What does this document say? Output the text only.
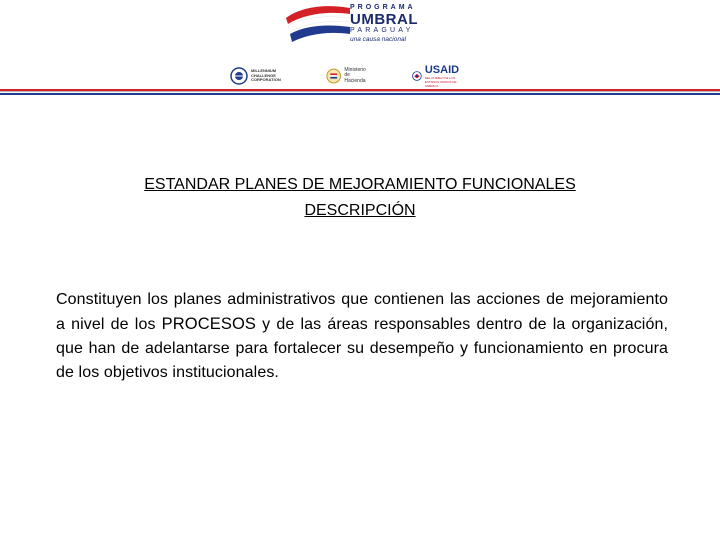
PROGRAMA
UMBRAL
PARAGUAY
una causa nacional
MILLENNIUM
CHALLENGE
CORPORATION
Ministerio
de Hacienda
USAID
DEL PUEBLO DE LOS ESTADOS UNIDOS DE AMÉRICA
ESTANDAR PLANES DE MEJORAMIENTO FUNCIONALES
DESCRIPCIÓN
Constituyen los planes administrativos que contienen las acciones de mejoramiento a nivel de los PROCESOS y de las áreas responsables dentro de la organización, que han de adelantarse para fortalecer su desempeño y funcionamiento en procura de los objetivos institucionales.
